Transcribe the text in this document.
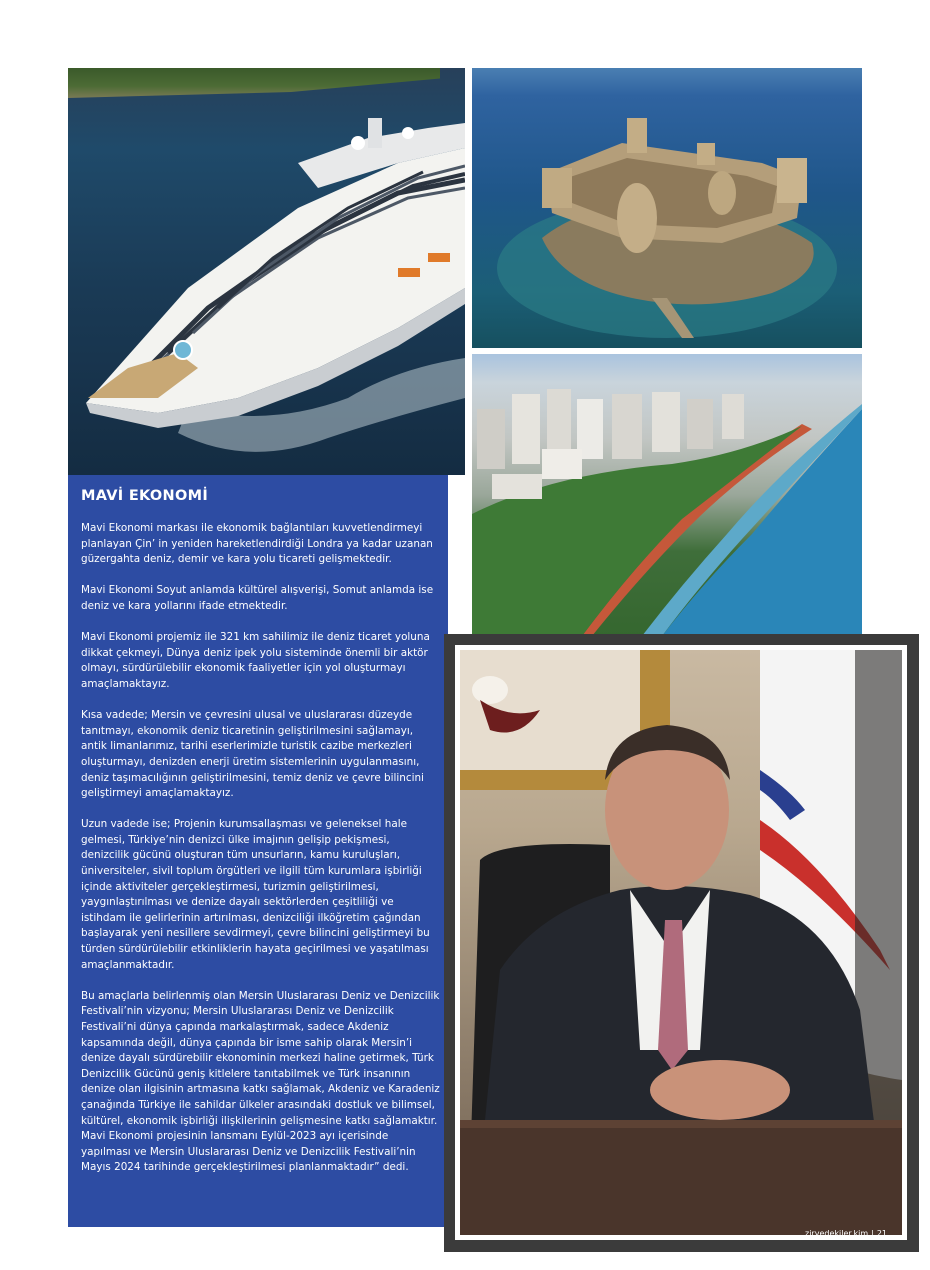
MAVİ EKONOMİ

Mavi Ekonomi markası ile ekonomik bağlantıları kuvvetlendirmeyi planlayan Çin’ in yeniden hareketlendirdiği Londra ya kadar uzanan güzergahta deniz, demir ve kara yolu ticareti gelişmektedir.

Mavi Ekonomi Soyut anlamda kültürel alışverişi, Somut anlamda ise deniz ve kara yollarını ifade etmektedir.

Mavi Ekonomi projemiz ile 321 km sahilimiz ile deniz ticaret yoluna dikkat çekmeyi, Dünya deniz ipek yolu sisteminde önemli bir aktör olmayı, sürdürülebilir ekonomik faaliyetler için yol oluşturmayı amaçlamaktayız.

Kısa vadede; Mersin ve çevresini ulusal ve uluslararası düzeyde tanıtmayı, ekonomik deniz ticaretinin geliştirilmesini sağlamayı, antik limanlarımız, tarihi eserlerimizle turistik cazibe merkezleri oluşturmayı, denizden enerji üretim sistemlerinin uygulanmasını, deniz taşımacılığının geliştirilmesini, temiz deniz ve çevre bilincini geliştirmeyi amaçlamaktayız.

Uzun vadede ise; Projenin kurumsallaşması ve geleneksel hale gelmesi, Türkiye’nin denizci ülke imajının gelişip pekişmesi, denizcilik gücünü oluşturan tüm unsurların, kamu kuruluşları, üniversiteler, sivil toplum örgütleri ve ilgili tüm kurumlara işbirliği içinde aktiviteler gerçekleştirmesi, turizmin geliştirilmesi, yaygınlaştırılması ve denize dayalı sektörlerden çeşitliliği ve istihdam ile gelirlerinin artırılması, denizciliği ilköğretim çağından başlayarak yeni nesillere sevdirmeyi, çevre bilincini geliştirmeyi bu türden sürdürülebilir etkinliklerin hayata geçirilmesi ve yaşatılması amaçlanmaktadır.

Bu amaçlarla belirlenmiş olan Mersin Uluslararası Deniz ve Denizcilik Festivali’nin vizyonu; Mersin Uluslararası Deniz ve Denizcilik Festivali’ni dünya çapında markalaştırmak, sadece Akdeniz kapsamında değil, dünya çapında bir isme sahip olarak Mersin’i denize dayalı sürdürebilir ekonominin merkezi haline getirmek, Türk Denizcilik Gücünü geniş kitlelere tanıtabilmek ve Türk insanının denize olan ilgisinin artmasına katkı sağlamak, Akdeniz ve Karadeniz çanağında Türkiye ile sahildar ülkeler arasındaki dostluk ve bilimsel, kültürel, ekonomik işbirliği ilişkilerinin gelişmesine katkı sağlamaktır. Mavi Ekonomi projesinin lansmanı Eylül-2023 ayı içerisinde yapılması ve Mersin Uluslararası Deniz ve Denizcilik Festivali’nin Mayıs 2024 tarihinde gerçekleştirilmesi planlanmaktadır” dedi.

zirvedekiler.kim | 21
